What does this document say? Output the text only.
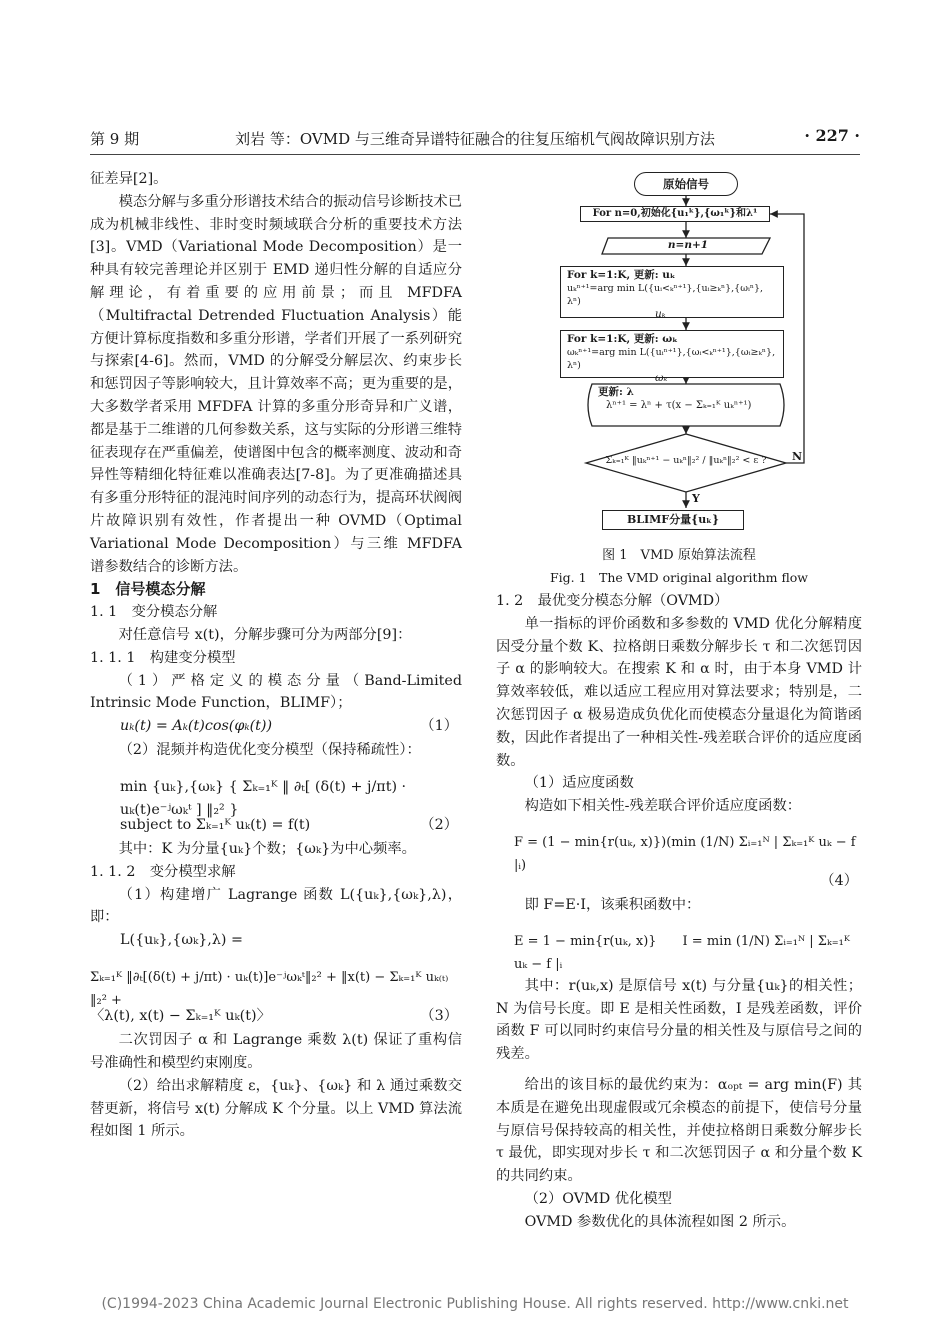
第 9 期	刘岩 等：OVMD 与三维奇异谱特征融合的往复压缩机气阀故障识别方法	· 227 ·

征差异[2]。

模态分解与多重分形谱技术结合的振动信号诊断技术已成为机械非线性、非时变时频域联合分析的重要技术方法[3]。VMD（Variational Mode Decomposition）是一种具有较完善理论并区别于 EMD 递归性分解的自适应分解理论，有着重要的应用前景；而且 MFDFA（Multifractal Detrended Fluctuation Analysis）能方便计算标度指数和多重分形谱，学者们开展了一系列研究与探索[4-6]。然而，VMD 的分解受分解层次、约束步长和惩罚因子等影响较大，且计算效率不高；更为重要的是，大多数学者采用 MFDFA 计算的多重分形奇异和广义谱，都是基于二维谱的几何参数关系，这与实际的分形谱三维特征表现存在严重偏差，使谱图中包含的概率测度、波动和奇异性等精细化特征难以准确表达[7-8]。为了更准确描述具有多重分形特征的混沌时间序列的动态行为，提高环状阀阀片故障识别有效性，作者提出一种 OVMD（Optimal Variational Mode Decomposition）与三维 MFDFA 谱参数结合的诊断方法。

1　信号模态分解

1. 1　变分模态分解

对任意信号 x(t)，分解步骤可分为两部分[9]：

1. 1. 1　构建变分模型

（1）严格定义的模态分量（Band-Limited Intrinsic Mode Function，BLIMF）；

uₖ(t) = Aₖ(t)cos(φₖ(t))	（1）

（2）混频并构造优化变分模型（保持稀疏性）：

min {uₖ},{ωₖ} { Σₖ₌₁ᴷ ‖ ∂ₜ[ (δ(t) + j/πt) · uₖ(t)e⁻ʲωₖᵗ ] ‖₂² }
subject to Σₖ₌₁ᴷ uₖ(t) = f(t)	（2）

其中：K 为分量{uₖ}个数；{ωₖ}为中心频率。

1. 1. 2　变分模型求解

（1）构建增广 Lagrange 函数 L({uₖ},{ωₖ},λ)，即：

L({uₖ},{ωₖ},λ) =
Σₖ₌₁ᴷ ‖∂ₜ[(δ(t) + j/πt) · uₖ(t)]e⁻ʲωₖᵗ‖₂² + ‖x(t) − Σₖ₌₁ᴷ uₖ₍ₜ₎‖₂² +
〈λ(t), x(t) − Σₖ₌₁ᴷ uₖ(t)〉	（3）

二次罚因子 α 和 Lagrange 乘数 λ(t) 保证了重构信号准确性和模型约束刚度。

（2）给出求解精度 ε，{uₖ}、{ωₖ} 和 λ 通过乘数交替更新，将信号 x(t) 分解成 K 个分量。以上 VMD 算法流程如图 1 所示。

原始信号
For n=0,初始化{u₁ᵏ},{ω₁ᵏ}和λ¹
n=n+1
For k=1:K, 更新: uₖ
uₖⁿ⁺¹=arg min L({uᵢ<ₖⁿ⁺¹},{uᵢ≥ₖⁿ},{ωᵢⁿ}, λⁿ)
uₖ
For k=1:K, 更新: ωₖ
ωₖⁿ⁺¹=arg min L({uᵢⁿ⁺¹},{ωᵢ<ₖⁿ⁺¹},{ωᵢ≥ₖⁿ}, λⁿ)
ωₖ
更新: λ
λⁿ⁺¹ = λⁿ + τ(x − Σₖ₌₁ᴷ uₖⁿ⁺¹)
Σₖ₌₁ᴷ ‖uₖⁿ⁺¹ − uₖⁿ‖₂² / ‖uₖⁿ‖₂² < ε ?	N
Y
BLIMF分量{uₖ}
图 1　VMD 原始算法流程
Fig. 1　The VMD original algorithm flow

1. 2　最优变分模态分解（OVMD）

单一指标的评价函数和多参数的 VMD 优化分解精度因受分量个数 K、拉格朗日乘数分解步长 τ 和二次惩罚因子 α 的影响较大。在搜索 K 和 α 时，由于本身 VMD 计算效率较低，难以适应工程应用对算法要求；特别是，二次惩罚因子 α 极易造成负优化而使模态分量退化为简谐函数，因此作者提出了一种相关性-残差联合评价的适应度函数。

（1）适应度函数

构造如下相关性-残差联合评价适应度函数：

F = (1 − min{r(uₖ, x)})(min (1/N) Σᵢ₌₁ᴺ | Σₖ₌₁ᴷ uₖ − f |ᵢ)
（4）

即 F=E·I，该乘积函数中：

E = 1 − min{r(uₖ, x)}　　I = min (1/N) Σᵢ₌₁ᴺ | Σₖ₌₁ᴷ uₖ − f |ᵢ

其中：r(uₖ,x) 是原信号 x(t) 与分量{uₖ}的相关性；N 为信号长度。即 E 是相关性函数，I 是残差函数，评价函数 F 可以同时约束信号分量的相关性及与原信号之间的残差。

给出的该目标的最优约束为：αₒₚₜ = arg min(F) 其本质是在避免出现虚假或冗余模态的前提下，使信号分量与原信号保持较高的相关性，并使拉格朗日乘数分解步长 τ 最优，即实现对步长 τ 和二次惩罚因子 α 和分量个数 K 的共同约束。

（2）OVMD 优化模型

OVMD 参数优化的具体流程如图 2 所示。

(C)1994-2023 China Academic Journal Electronic Publishing House. All rights reserved. http://www.cnki.net
